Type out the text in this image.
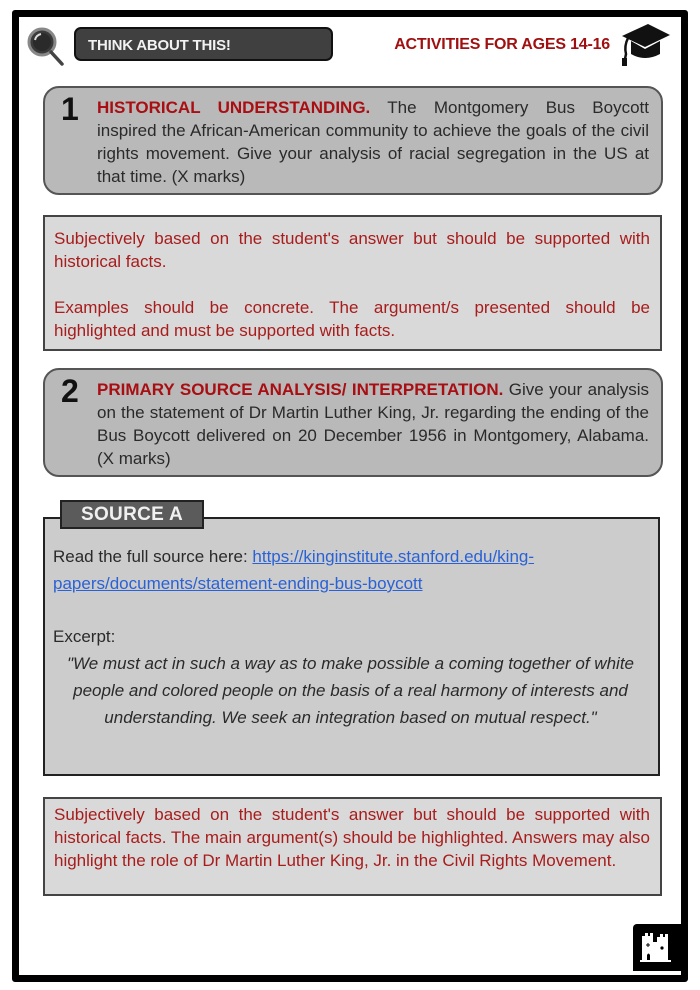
THINK ABOUT THIS!	ACTIVITIES FOR AGES 14-16
1 HISTORICAL UNDERSTANDING. The Montgomery Bus Boycott inspired the African-American community to achieve the goals of the civil rights movement. Give your analysis of racial segregation in the US at that time. (X marks)

Subjectively based on the student's answer but should be supported with historical facts.

Examples should be concrete. The argument/s presented should be highlighted and must be supported with facts.

2 PRIMARY SOURCE ANALYSIS/ INTERPRETATION. Give your analysis on the statement of Dr Martin Luther King, Jr. regarding the ending of the Bus Boycott delivered on 20 December 1956 in Montgomery, Alabama. (X marks)
Read the full source here: https://kinginstitute.stanford.edu/king-papers/documents/statement-ending-bus-boycott
Excerpt:
"We must act in such a way as to make possible a coming together of white people and colored people on the basis of a real harmony of interests and understanding. We seek an integration based on mutual respect."
SOURCE A

Subjectively based on the student's answer but should be supported with historical facts. The main argument(s) should be highlighted. Answers may also highlight the role of Dr Martin Luther King, Jr. in the Civil Rights Movement.
